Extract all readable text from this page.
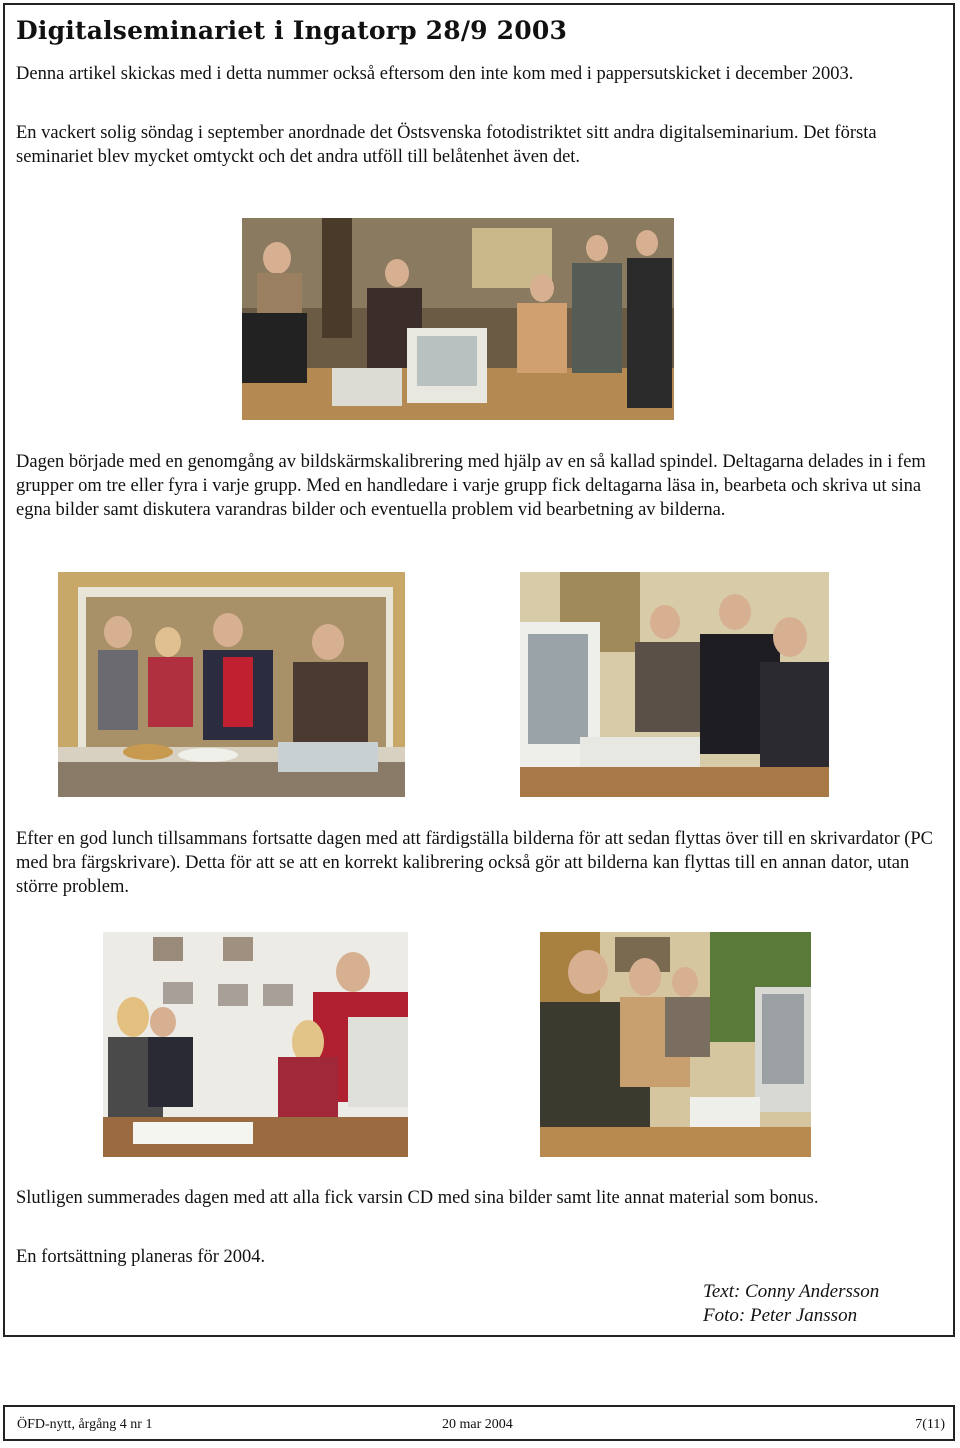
Digitalseminariet i Ingatorp 28/9 2003

Denna artikel skickas med i detta nummer också eftersom den inte kom med i pappersutskicket i december 2003.

En vackert solig söndag i september anordnade det Östsvenska fotodistriktet sitt andra digitalseminarium. Det första seminariet blev mycket omtyckt och det andra utföll till belåtenhet även det.

Dagen började med en genomgång av bildskärmskalibrering med hjälp av en så kallad spindel. Deltagarna delades in i fem grupper om tre eller fyra i varje grupp. Med en handledare i varje grupp fick deltagarna läsa in, bearbeta och skriva ut sina egna bilder samt diskutera varandras bilder och eventuella problem vid bearbetning av bilderna.

Efter en god lunch tillsammans fortsatte dagen med att färdigställa bilderna för att sedan flyttas över till en skrivardator (PC med bra färgskrivare). Detta för att se att en korrekt kalibrering också gör att bilderna kan flyttas till en annan dator, utan större problem.

Slutligen summerades dagen med att alla fick varsin CD med sina bilder samt lite annat material som bonus.

En fortsättning planeras för 2004.

Text: Conny Andersson
Foto: Peter Jansson
ÖFD-nytt, årgång 4 nr 1	20 mar 2004	7(11)
